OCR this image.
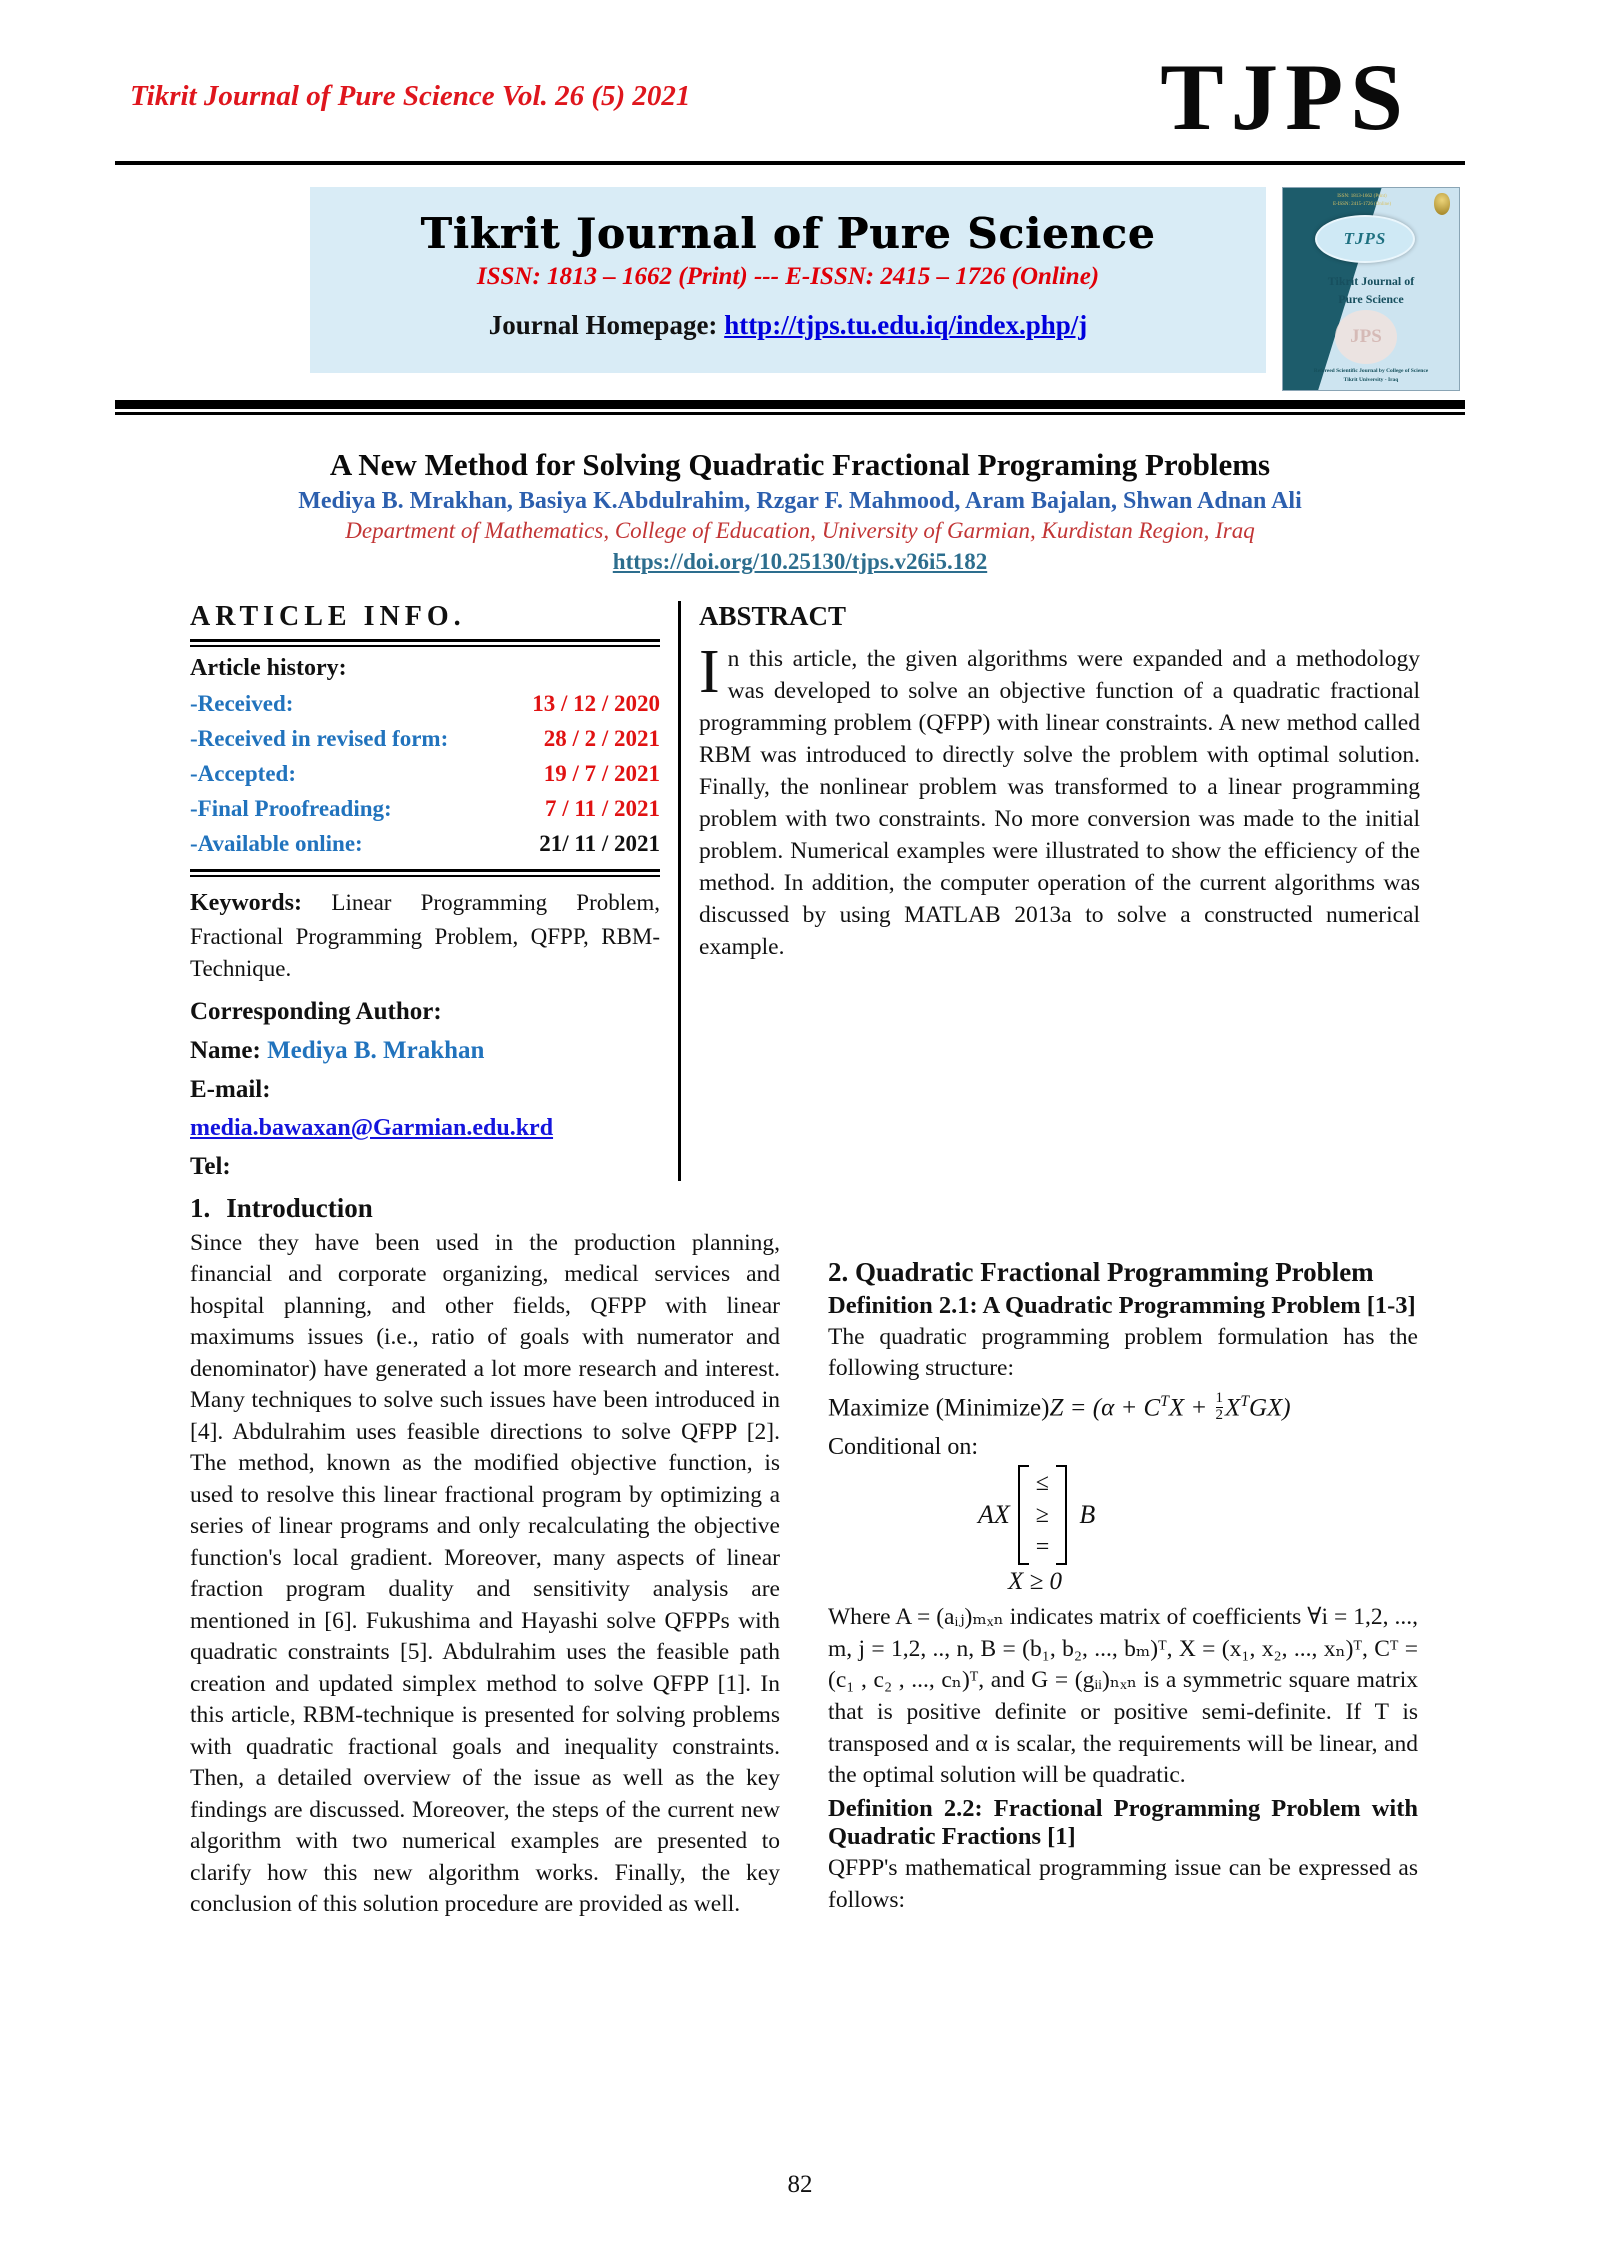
Tikrit Journal of Pure Science Vol. 26 (5) 2021	TJPS
Tikrit Journal of Pure Science
ISSN: 1813 – 1662 (Print) --- E-ISSN: 2415 – 1726 (Online)
Journal Homepage: http://tjps.tu.edu.iq/index.php/j
ISSN: 1813-1662 (Print)
E-ISSN: 2415-1726 (Online)
TJPS
Tikrit Journal of
Pure Science
JPS
Refereed Scientific Journal by College of Science
Tikrit University - Iraq
A New Method for Solving Quadratic Fractional Programing Problems
Mediya B. Mrakhan, Basiya K.Abdulrahim, Rzgar F. Mahmood, Aram Bajalan, Shwan Adnan Ali
Department of Mathematics, College of Education, University of Garmian, Kurdistan Region, Iraq
https://doi.org/10.25130/tjps.v26i5.182
ARTICLE INFO.
Article history:
-Received:	13 / 12 / 2020
-Received in revised form:	28 / 2 / 2021
-Accepted:	19 / 7 / 2021
-Final Proofreading:	7 / 11 / 2021
-Available online:	21/ 11 / 2021
Keywords: Linear Programming Problem, Fractional Programming Problem, QFPP, RBM-Technique.
Corresponding Author:
Name: Mediya B. Mrakhan
E-mail:
media.bawaxan@Garmian.edu.krd
Tel:
ABSTRACT

In this article, the given algorithms were expanded and a methodology was developed to solve an objective function of a quadratic fractional programming problem (QFPP) with linear constraints. A new method called RBM was introduced to directly solve the problem with optimal solution. Finally, the nonlinear problem was transformed to a linear programming problem with two constraints. No more conversion was made to the initial problem. Numerical examples were illustrated to show the efficiency of the method. In addition, the computer operation of the current algorithms was discussed by using MATLAB 2013a to solve a constructed numerical example.

1. Introduction

Since they have been used in the production planning, financial and corporate organizing, medical services and hospital planning, and other fields, QFPP with linear maximums issues (i.e., ratio of goals with numerator and denominator) have generated a lot more research and interest. Many techniques to solve such issues have been introduced in [4]. Abdulrahim uses feasible directions to solve QFPP [2]. The method, known as the modified objective function, is used to resolve this linear fractional program by optimizing a series of linear programs and only recalculating the objective function's local gradient. Moreover, many aspects of linear fraction program duality and sensitivity analysis are mentioned in [6]. Fukushima and Hayashi solve QFPPs with quadratic constraints [5]. Abdulrahim uses the feasible path creation and updated simplex method to solve QFPP [1]. In this article, RBM-technique is presented for solving problems with quadratic fractional goals and inequality constraints. Then, a detailed overview of the issue as well as the key findings are discussed. Moreover, the steps of the current new algorithm with two numerical examples are presented to clarify how this new algorithm works. Finally, the key conclusion of this solution procedure are provided as well.

2. Quadratic Fractional Programming Problem
Definition 2.1: A Quadratic Programming Problem [1-3]

The quadratic programming problem formulation has the following structure:

Maximize (Minimize)Z = $(\alpha + C^TX + \frac{1}{2} X^TGX)$
Conditional on:
AX
≤
≥
=
B
X ≥ 0

Where A = (aᵢⱼ)ₘₓₙ indicates matrix of coefficients ∀i = 1,2, ..., m, j = 1,2, .., n, B = (b₁, b₂, ..., bₘ)ᵀ, X = (x₁, x₂, ..., xₙ)ᵀ, Cᵀ = (c₁ , c₂ , ..., cₙ)ᵀ, and G = (gᵢᵢ)ₙₓₙ is a symmetric square matrix that is positive definite or positive semi-definite. If T is transposed and α is scalar, the requirements will be linear, and the optimal solution will be quadratic.

Definition 2.2: Fractional Programming Problem with Quadratic Fractions [1]

QFPP's mathematical programming issue can be expressed as follows:

82
